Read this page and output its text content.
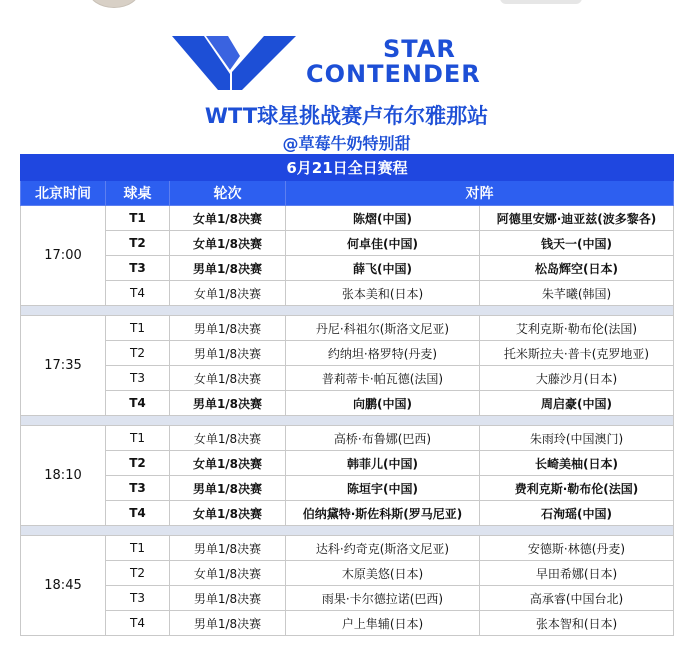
STAR
CONTENDER
WTT球星挑战赛卢布尔雅那站
@草莓牛奶特别甜
6月21日全日赛程				
北京时间	球桌	轮次	对阵	
17:00	T1	女单1/8决赛	陈熠(中国)	阿德里安娜·迪亚兹(波多黎各)
	T2	女单1/8决赛	何卓佳(中国)	钱天一(中国)
	T3	男单1/8决赛	薛飞(中国)	松岛辉空(日本)
	T4	女单1/8决赛	张本美和(日本)	朱芊曦(韩国)

17:35	T1	男单1/8决赛	丹尼·科祖尔(斯洛文尼亚)	艾利克斯·勒布伦(法国)
	T2	男单1/8决赛	约纳坦·格罗特(丹麦)	托米斯拉夫·普卡(克罗地亚)
	T3	女单1/8决赛	普莉蒂卡·帕瓦德(法国)	大藤沙月(日本)
	T4	男单1/8决赛	向鹏(中国)	周启豪(中国)

18:10	T1	女单1/8决赛	高桥·布鲁娜(巴西)	朱雨玲(中国澳门)
	T2	女单1/8决赛	韩菲儿(中国)	长崎美柚(日本)
	T3	男单1/8决赛	陈垣宇(中国)	费利克斯·勒布伦(法国)
	T4	女单1/8决赛	伯纳黛特·斯佐科斯(罗马尼亚)	石洵瑶(中国)

18:45	T1	男单1/8决赛	达科·约奇克(斯洛文尼亚)	安德斯·林德(丹麦)
	T2	女单1/8决赛	木原美悠(日本)	早田希娜(日本)
	T3	男单1/8决赛	雨果·卡尔德拉诺(巴西)	高承睿(中国台北)
	T4	男单1/8决赛	户上隼辅(日本)	张本智和(日本)
